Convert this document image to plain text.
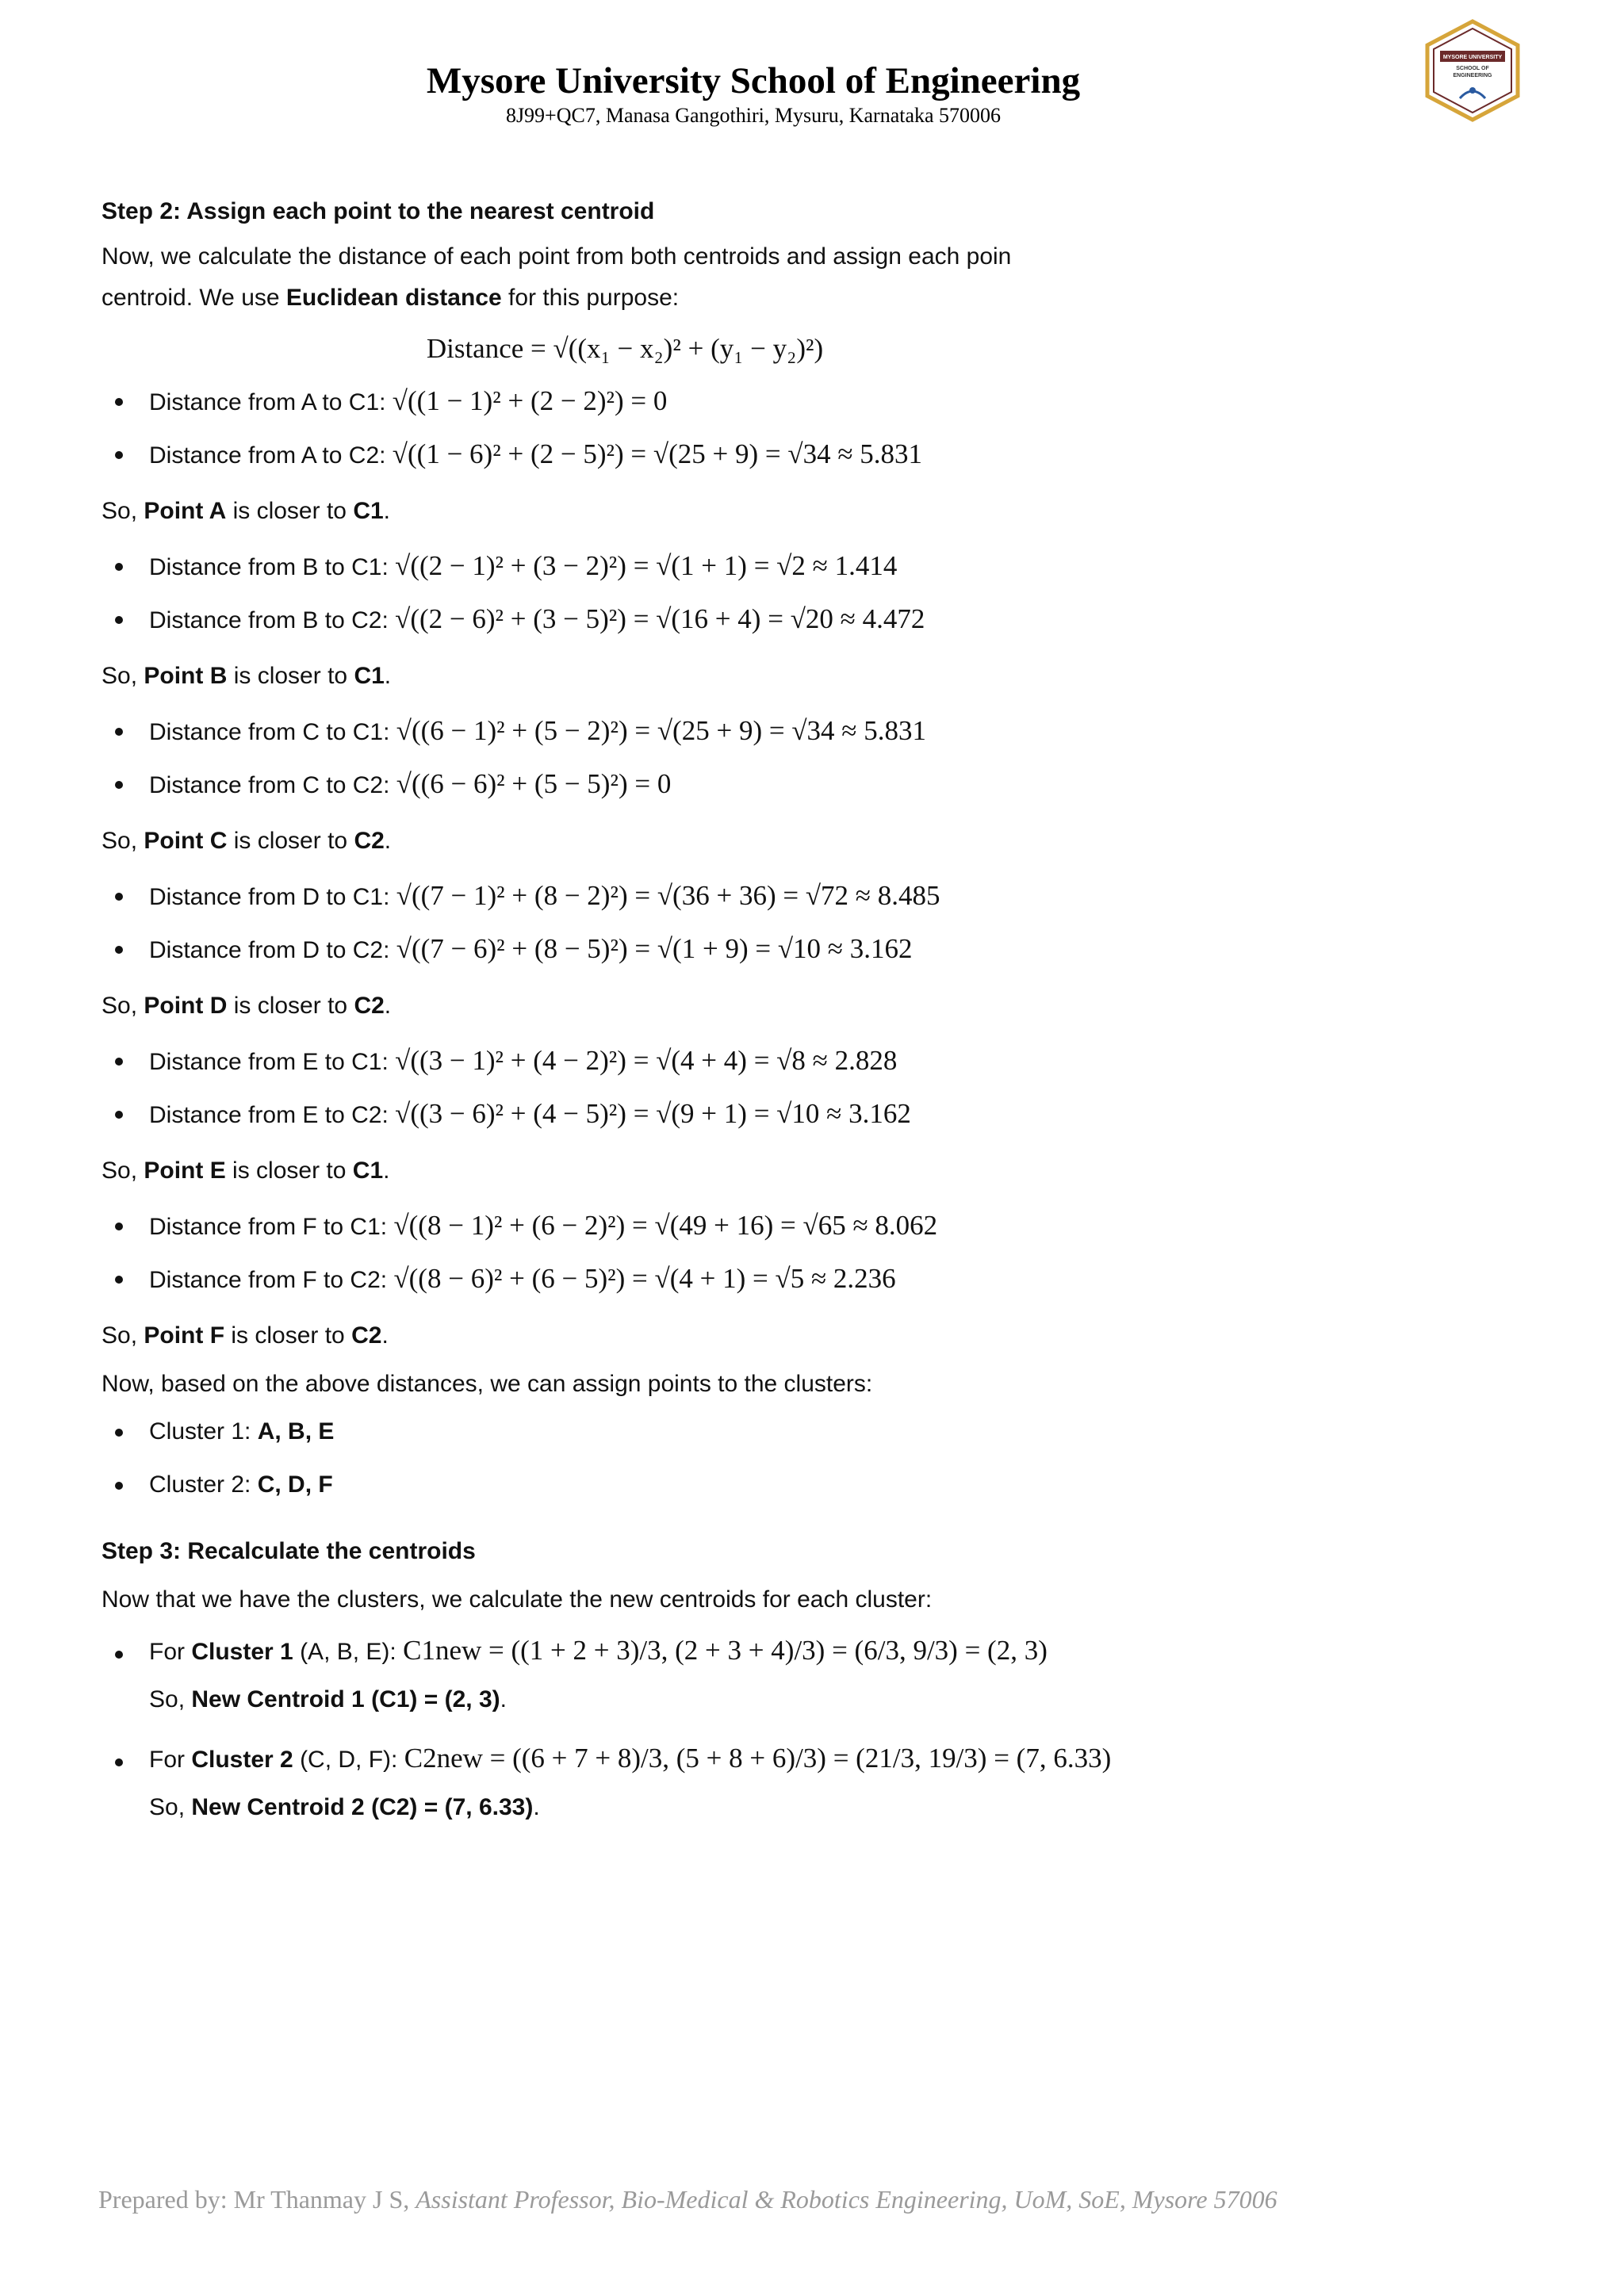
Mysore University School of Engineering
8J99+QC7, Manasa Gangothiri, Mysuru, Karnataka 570006
MYSORE UNIVERSITY
SCHOOL OF
ENGINEERING
Step 2: Assign each point to the nearest centroid
Now, we calculate the distance of each point from both centroids and assign each poin
centroid. We use Euclidean distance for this purpose:
Distance = √((x₁ − x₂)² + (y₁ − y₂)²)
Distance from A to C1: √((1 − 1)² + (2 − 2)²) = 0
Distance from A to C2: √((1 − 6)² + (2 − 5)²) = √(25 + 9) = √34 ≈ 5.831
So, Point A is closer to C1.
Distance from B to C1: √((2 − 1)² + (3 − 2)²) = √(1 + 1) = √2 ≈ 1.414
Distance from B to C2: √((2 − 6)² + (3 − 5)²) = √(16 + 4) = √20 ≈ 4.472
So, Point B is closer to C1.
Distance from C to C1: √((6 − 1)² + (5 − 2)²) = √(25 + 9) = √34 ≈ 5.831
Distance from C to C2: √((6 − 6)² + (5 − 5)²) = 0
So, Point C is closer to C2.
Distance from D to C1: √((7 − 1)² + (8 − 2)²) = √(36 + 36) = √72 ≈ 8.485
Distance from D to C2: √((7 − 6)² + (8 − 5)²) = √(1 + 9) = √10 ≈ 3.162
So, Point D is closer to C2.
Distance from E to C1: √((3 − 1)² + (4 − 2)²) = √(4 + 4) = √8 ≈ 2.828
Distance from E to C2: √((3 − 6)² + (4 − 5)²) = √(9 + 1) = √10 ≈ 3.162
So, Point E is closer to C1.
Distance from F to C1: √((8 − 1)² + (6 − 2)²) = √(49 + 16) = √65 ≈ 8.062
Distance from F to C2: √((8 − 6)² + (6 − 5)²) = √(4 + 1) = √5 ≈ 2.236
So, Point F is closer to C2.
Now, based on the above distances, we can assign points to the clusters:
Cluster 1: A, B, E
Cluster 2: C, D, F
Step 3: Recalculate the centroids
Now that we have the clusters, we calculate the new centroids for each cluster:
For Cluster 1 (A, B, E): C1new = ((1 + 2 + 3)/3, (2 + 3 + 4)/3) = (6/3, 9/3) = (2, 3)
So, New Centroid 1 (C1) = (2, 3).
For Cluster 2 (C, D, F): C2new = ((6 + 7 + 8)/3, (5 + 8 + 6)/3) = (21/3, 19/3) = (7, 6.33)
So, New Centroid 2 (C2) = (7, 6.33).
Prepared by: Mr Thanmay J S, Assistant Professor, Bio-Medical & Robotics Engineering, UoM, SoE, Mysore 57006
